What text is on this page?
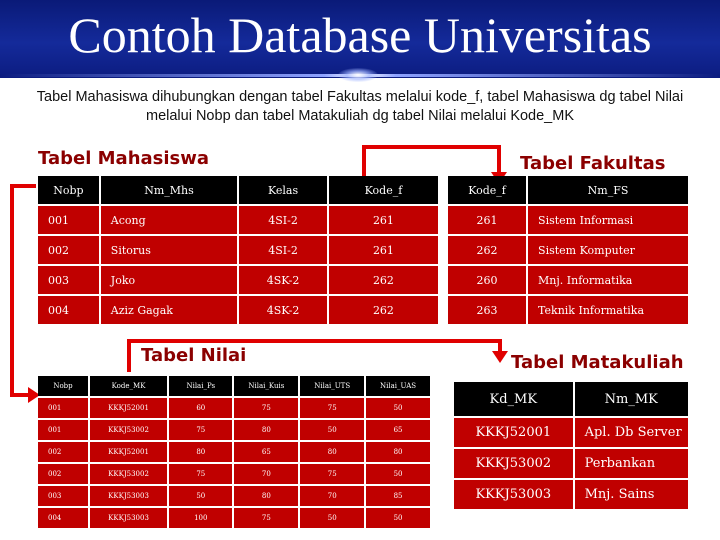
Contoh Database Universitas
Tabel Mahasiswa dihubungkan dengan tabel Fakultas melalui kode_f, tabel Mahasiswa dg tabel Nilai melalui Nobp dan tabel Matakuliah dg tabel Nilai melalui Kode_MK
Tabel Mahasiswa	Tabel Fakultas
Tabel Nilai	Tabel Matakuliah
Nobp	Nm_Mhs	Kelas	Kode_f
001	Acong	4SI-2	261
002	Sitorus	4SI-2	261
003	Joko	4SK-2	262
004	Aziz Gagak	4SK-2	262
Kode_f	Nm_FS
261	Sistem Informasi
262	Sistem Komputer
260	Mnj. Informatika
263	Teknik Informatika
Nobp	Kode_MK	Nilai_Ps	Nilai_Kuis	Nilai_UTS	Nilai_UAS
001	KKKJ52001	60	75	75	50
001	KKKJ53002	75	80	50	65
002	KKKJ52001	80	65	80	80
002	KKKJ53002	75	70	75	50
003	KKKJ53003	50	80	70	85
004	KKKJ53003	100	75	50	50
Kd_MK	Nm_MK
KKKJ52001	Apl. Db Server
KKKJ53002	Perbankan
KKKJ53003	Mnj. Sains
